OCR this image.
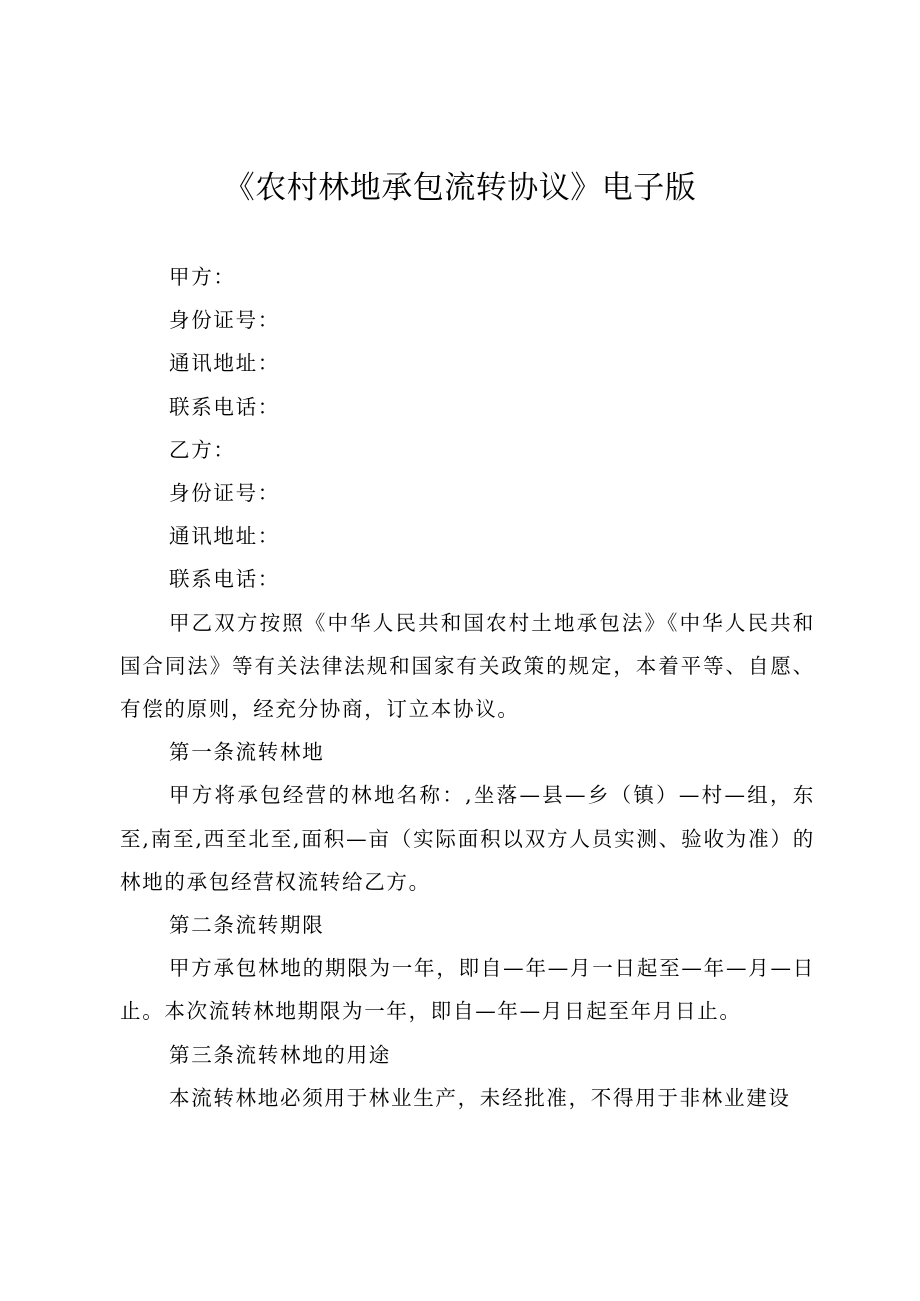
《农村林地承包流转协议》电子版

甲方：

身份证号：

通讯地址：

联系电话：

乙方：

身份证号：

通讯地址：

联系电话：

甲乙双方按照《中华人民共和国农村土地承包法》《中华人民共和国合同法》等有关法律法规和国家有关政策的规定，本着平等、自愿、有偿的原则，经充分协商，订立本协议。

第一条流转林地

甲方将承包经营的林地名称：,坐落—县—乡（镇）—村—组，东至,南至,西至北至,面积—亩（实际面积以双方人员实测、验收为准）的林地的承包经营权流转给乙方。

第二条流转期限

甲方承包林地的期限为一年，即自—年—月一日起至—年—月—日止。本次流转林地期限为一年，即自—年—月日起至年月日止。

第三条流转林地的用途

本流转林地必须用于林业生产，未经批准，不得用于非林业建设
